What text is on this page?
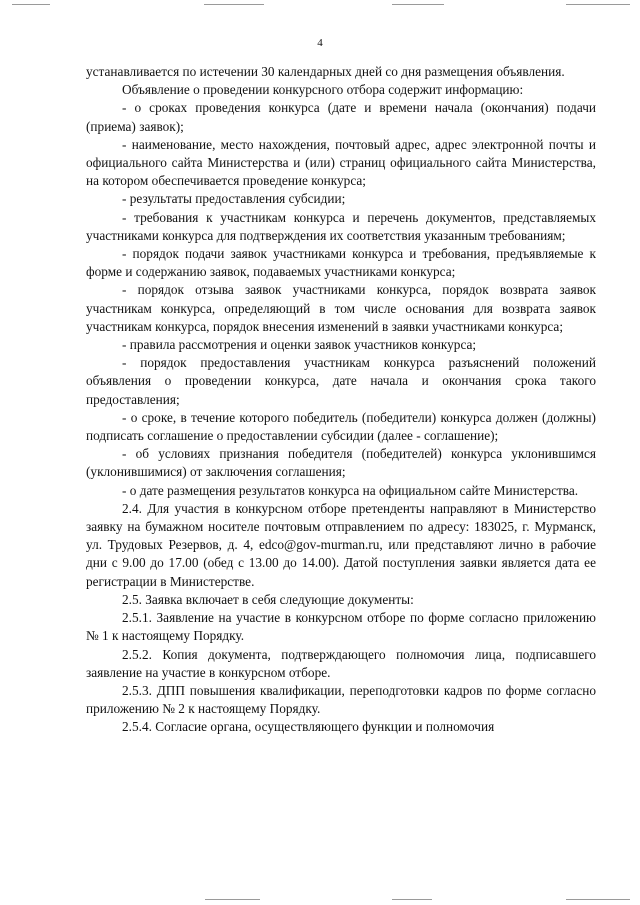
4

устанавливается по истечении 30 календарных дней со дня размещения объявления.

Объявление о проведении конкурсного отбора содержит информацию:

- о сроках проведения конкурса (дате и времени начала (окончания) подачи (приема) заявок);

- наименование, место нахождения, почтовый адрес, адрес электронной почты и официального сайта Министерства и (или) страниц официального сайта Министерства, на котором обеспечивается проведение конкурса;

- результаты предоставления субсидии;

- требования к участникам конкурса и перечень документов, представляемых участниками конкурса для подтверждения их соответствия указанным требованиям;

- порядок подачи заявок участниками конкурса и требования, предъявляемые к форме и содержанию заявок, подаваемых участниками конкурса;

- порядок отзыва заявок участниками конкурса, порядок возврата заявок участникам конкурса, определяющий в том числе основания для возврата заявок участникам конкурса, порядок внесения изменений в заявки участниками конкурса;

- правила рассмотрения и оценки заявок участников конкурса;

- порядок предоставления участникам конкурса разъяснений положений объявления о проведении конкурса, дате начала и окончания срока такого предоставления;

- о сроке, в течение которого победитель (победители) конкурса должен (должны) подписать соглашение о предоставлении субсидии (далее - соглашение);

- об условиях признания победителя (победителей) конкурса уклонившимся (уклонившимися) от заключения соглашения;

- о дате размещения результатов конкурса на официальном сайте Министерства.

2.4. Для участия в конкурсном отборе претенденты направляют в Министерство заявку на бумажном носителе почтовым отправлением по адресу: 183025, г. Мурманск, ул. Трудовых Резервов, д. 4, edco@gov-murman.ru, или представляют лично в рабочие дни с 9.00 до 17.00 (обед с 13.00 до 14.00). Датой поступления заявки является дата ее регистрации в Министерстве.

2.5. Заявка включает в себя следующие документы:

2.5.1. Заявление на участие в конкурсном отборе по форме согласно приложению № 1 к настоящему Порядку.

2.5.2. Копия документа, подтверждающего полномочия лица, подписавшего заявление на участие в конкурсном отборе.

2.5.3. ДПП повышения квалификации, переподготовки кадров по форме согласно приложению № 2 к настоящему Порядку.

2.5.4. Согласие органа, осуществляющего функции и полномочия
